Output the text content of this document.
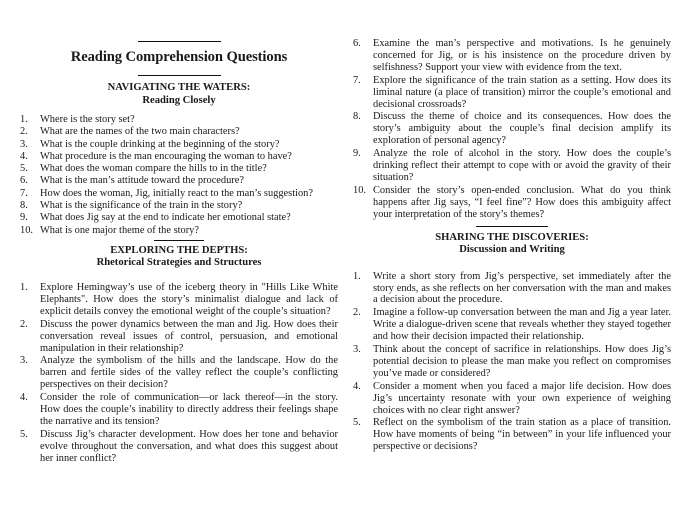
Reading Comprehension Questions
NAVIGATING THE WATERS:
Reading Closely
1. Where is the story set?
2. What are the names of the two main characters?
3. What is the couple drinking at the beginning of the story?
4. What procedure is the man encouraging the woman to have?
5. What does the woman compare the hills to in the title?
6. What is the man’s attitude toward the procedure?
7. How does the woman, Jig, initially react to the man’s suggestion?
8. What is the significance of the train in the story?
9. What does Jig say at the end to indicate her emotional state?
10. What is one major theme of the story?
EXPLORING THE DEPTHS:
Rhetorical Strategies and Structures
1. Explore Hemingway’s use of the iceberg theory in "Hills Like White Elephants". How does the story’s minimalist dialogue and lack of explicit details convey the emotional weight of the couple’s situation?
2. Discuss the power dynamics between the man and Jig. How does their conversation reveal issues of control, persuasion, and emotional manipulation in their relationship?
3. Analyze the symbolism of the hills and the landscape. How do the barren and fertile sides of the valley reflect the couple’s conflicting perspectives on their decision?
4. Consider the role of communication—or lack thereof—in the story. How does the couple’s inability to directly address their feelings shape the narrative and its tension?
5. Discuss Jig’s character development. How does her tone and behavior evolve throughout the conversation, and what does this suggest about her inner conflict?
6. Examine the man’s perspective and motivations. Is he genuinely concerned for Jig, or is his insistence on the procedure driven by selfishness? Support your view with evidence from the text.
7. Explore the significance of the train station as a setting. How does its liminal nature (a place of transition) mirror the couple’s emotional and decisional crossroads?
8. Discuss the theme of choice and its consequences. How does the story’s ambiguity about the couple’s final decision amplify its exploration of personal agency?
9. Analyze the role of alcohol in the story. How does the couple’s drinking reflect their attempt to cope with or avoid the gravity of their situation?
10. Consider the story’s open-ended conclusion. What do you think happens after Jig says, “I feel fine”? How does this ambiguity affect your interpretation of the story’s themes?
SHARING THE DISCOVERIES:
Discussion and Writing
1. Write a short story from Jig’s perspective, set immediately after the story ends, as she reflects on her conversation with the man and makes a decision about the procedure.
2. Imagine a follow-up conversation between the man and Jig a year later. Write a dialogue-driven scene that reveals whether they stayed together and how their decision impacted their relationship.
3. Think about the concept of sacrifice in relationships. How does Jig’s potential decision to please the man make you reflect on compromises you’ve made or considered?
4. Consider a moment when you faced a major life decision. How does Jig’s uncertainty resonate with your own experience of weighing choices with no clear right answer?
5. Reflect on the symbolism of the train station as a place of transition. How have moments of being “in between” in your life influenced your perspective or decisions?
